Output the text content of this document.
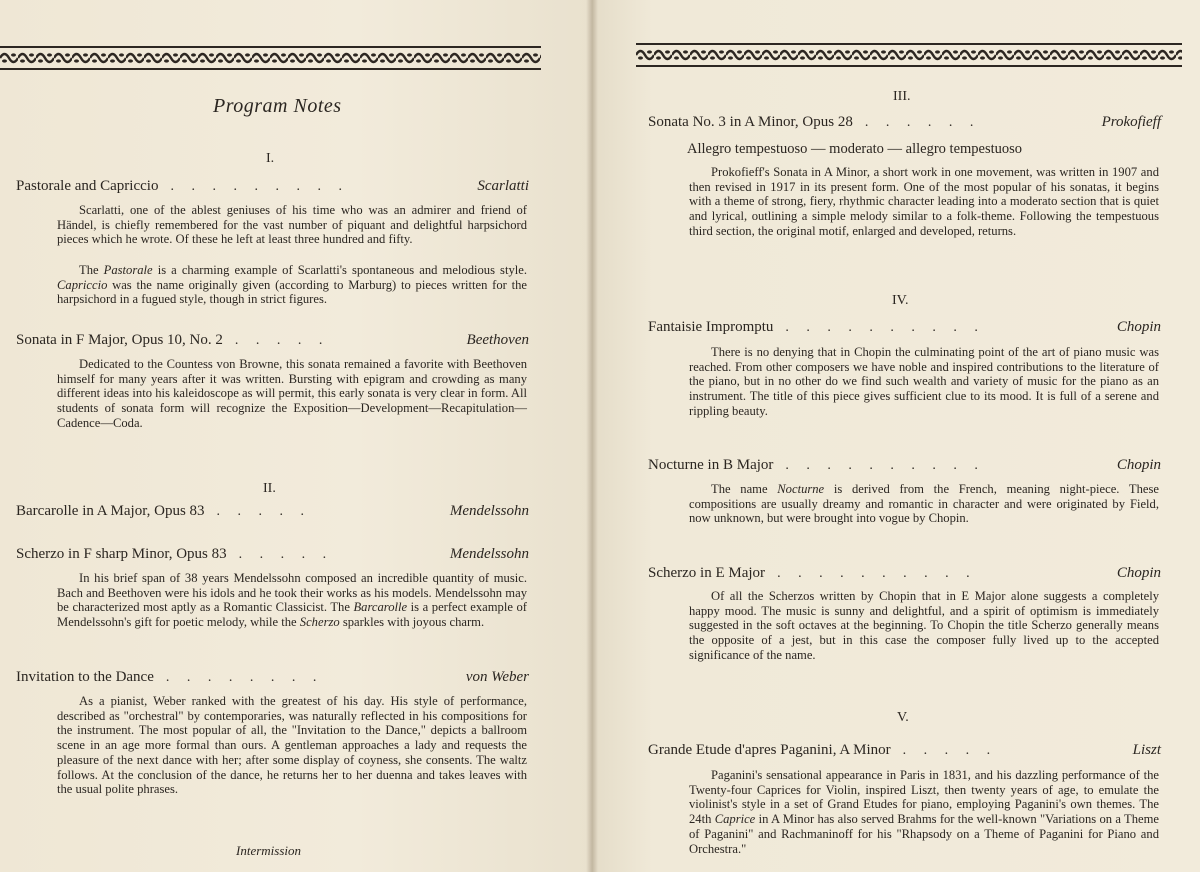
Program Notes
I.
Pastorale and Capriccio . . . . . . . . .	Scarlatti

Scarlatti, one of the ablest geniuses of his time who was an admirer and friend of Händel, is chiefly remembered for the vast number of piquant and delightful harpsichord pieces which he wrote. Of these he left at least three hundred and fifty.

The Pastorale is a charming example of Scarlatti's spontaneous and melodious style. Capriccio was the name originally given (according to Marburg) to pieces written for the harpsichord in a fugued style, though in strict figures.

Sonata in F Major, Opus 10, No. 2 . . . . .	Beethoven

Dedicated to the Countess von Browne, this sonata remained a favorite with Beethoven himself for many years after it was written. Bursting with epigram and crowding as many different ideas into his kaleidoscope as will permit, this early sonata is very clear in form. All students of sonata form will recognize the Exposition—Development—Recapitulation—Cadence—Coda.

II.
Barcarolle in A Major, Opus 83 . . . . .	Mendelssohn
Scherzo in F sharp Minor, Opus 83 . . . . .	Mendelssohn

In his brief span of 38 years Mendelssohn composed an incredible quantity of music. Bach and Beethoven were his idols and he took their works as his models. Mendelssohn may be characterized most aptly as a Romantic Classicist. The Barcarolle is a perfect example of Mendelssohn's gift for poetic melody, while the Scherzo sparkles with joyous charm.

Invitation to the Dance . . . . . . . .	von Weber

As a pianist, Weber ranked with the greatest of his day. His style of performance, described as "orchestral" by contemporaries, was naturally reflected in his compositions for the instrument. The most popular of all, the "Invitation to the Dance," depicts a ballroom scene in an age more formal than ours. A gentleman approaches a lady and requests the pleasure of the next dance with her; after some display of coyness, she consents. The waltz follows. At the conclusion of the dance, he returns her to her duenna and takes leaves with the usual polite phrases.

Intermission
III.
Sonata No. 3 in A Minor, Opus 28 . . . . . .	Prokofieff
Allegro tempestuoso — moderato — allegro tempestuoso

Prokofieff's Sonata in A Minor, a short work in one movement, was written in 1907 and then revised in 1917 in its present form. One of the most popular of his sonatas, it begins with a theme of strong, fiery, rhythmic character leading into a moderato section that is quiet and lyrical, outlining a simple melody similar to a folk-theme. Following the tempestuous third section, the original motif, enlarged and developed, returns.

IV.
Fantaisie Impromptu . . . . . . . . . .	Chopin

There is no denying that in Chopin the culminating point of the art of piano music was reached. From other composers we have noble and inspired contributions to the literature of the piano, but in no other do we find such wealth and variety of music for the piano as an instrument. The title of this piece gives sufficient clue to its mood. It is full of a serene and rippling beauty.

Nocturne in B Major . . . . . . . . . .	Chopin

The name Nocturne is derived from the French, meaning night-piece. These compositions are usually dreamy and romantic in character and were originated by Field, now unknown, but were brought into vogue by Chopin.

Scherzo in E Major . . . . . . . . . .	Chopin

Of all the Scherzos written by Chopin that in E Major alone suggests a completely happy mood. The music is sunny and delightful, and a spirit of optimism is immediately suggested in the soft octaves at the beginning. To Chopin the title Scherzo generally means the opposite of a jest, but in this case the composer fully lived up to the accepted significance of the name.

V.
Grande Etude d'apres Paganini, A Minor . . . . .	Liszt

Paganini's sensational appearance in Paris in 1831, and his dazzling performance of the Twenty-four Caprices for Violin, inspired Liszt, then twenty years of age, to emulate the violinist's style in a set of Grand Etudes for piano, employing Paganini's own themes. The 24th Caprice in A Minor has also served Brahms for the well-known "Variations on a Theme of Paganini" and Rachmaninoff for his "Rhapsody on a Theme of Paganini for Piano and Orchestra."
